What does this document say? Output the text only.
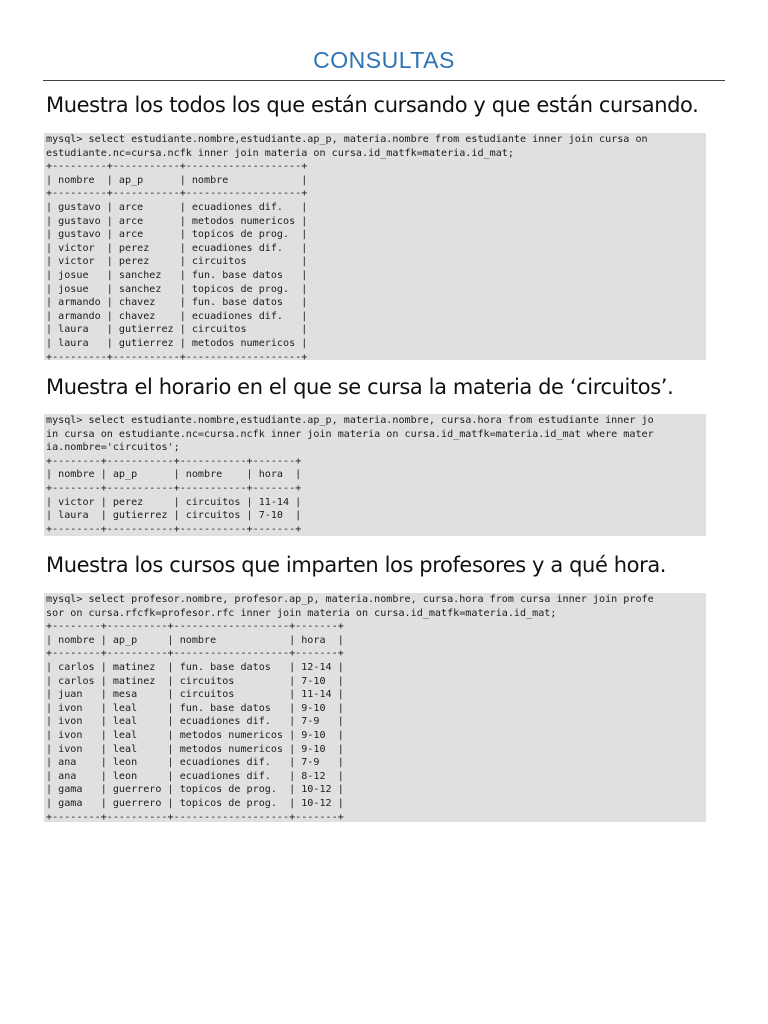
CONSULTAS
Muestra los todos los que están cursando y que están cursando.
mysql> select estudiante.nombre,estudiante.ap_p, materia.nombre from estudiante inner join cursa on
estudiante.nc=cursa.ncfk inner join materia on cursa.id_matfk=materia.id_mat;
+---------+-----------+-------------------+
| nombre  | ap_p      | nombre            |
+---------+-----------+-------------------+
| gustavo | arce      | ecuadiones dif.   |
| gustavo | arce      | metodos numericos |
| gustavo | arce      | topicos de prog.  |
| victor  | perez     | ecuadiones dif.   |
| victor  | perez     | circuitos         |
| josue   | sanchez   | fun. base datos   |
| josue   | sanchez   | topicos de prog.  |
| armando | chavez    | fun. base datos   |
| armando | chavez    | ecuadiones dif.   |
| laura   | gutierrez | circuitos         |
| laura   | gutierrez | metodos numericos |
+---------+-----------+-------------------+
Muestra el horario en el que se cursa la materia de ‘circuitos’.
mysql> select estudiante.nombre,estudiante.ap_p, materia.nombre, cursa.hora from estudiante inner jo
in cursa on estudiante.nc=cursa.ncfk inner join materia on cursa.id_matfk=materia.id_mat where mater
ia.nombre='circuitos';
+--------+-----------+-----------+-------+
| nombre | ap_p      | nombre    | hora  |
+--------+-----------+-----------+-------+
| victor | perez     | circuitos | 11-14 |
| laura  | gutierrez | circuitos | 7-10  |
+--------+-----------+-----------+-------+
Muestra los cursos que imparten los profesores y a qué hora.
mysql> select profesor.nombre, profesor.ap_p, materia.nombre, cursa.hora from cursa inner join profe
sor on cursa.rfcfk=profesor.rfc inner join materia on cursa.id_matfk=materia.id_mat;
+--------+----------+-------------------+-------+
| nombre | ap_p     | nombre            | hora  |
+--------+----------+-------------------+-------+
| carlos | matinez  | fun. base datos   | 12-14 |
| carlos | matinez  | circuitos         | 7-10  |
| juan   | mesa     | circuitos         | 11-14 |
| ivon   | leal     | fun. base datos   | 9-10  |
| ivon   | leal     | ecuadiones dif.   | 7-9   |
| ivon   | leal     | metodos numericos | 9-10  |
| ivon   | leal     | metodos numericos | 9-10  |
| ana    | leon     | ecuadiones dif.   | 7-9   |
| ana    | leon     | ecuadiones dif.   | 8-12  |
| gama   | guerrero | topicos de prog.  | 10-12 |
| gama   | guerrero | topicos de prog.  | 10-12 |
+--------+----------+-------------------+-------+
